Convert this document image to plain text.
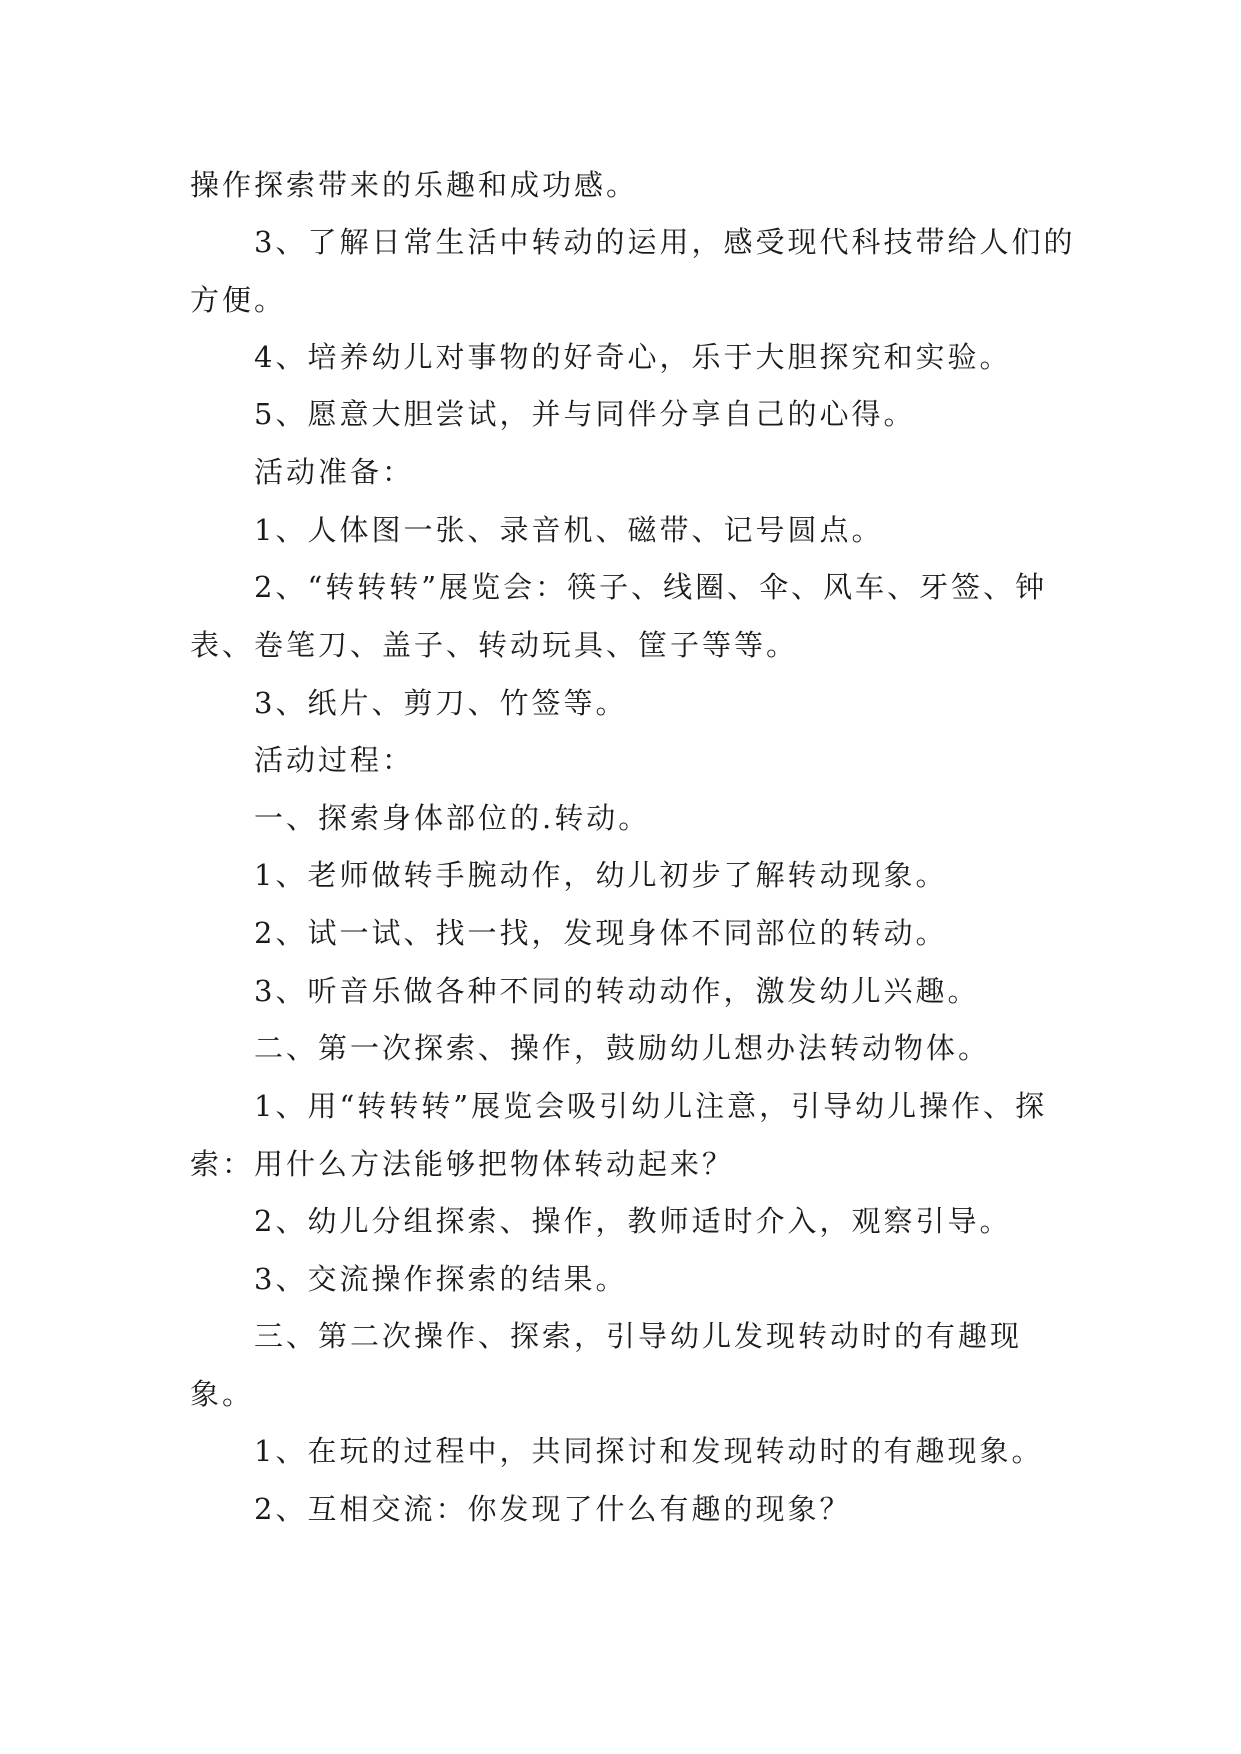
操作探索带来的乐趣和成功感。

3、了解日常生活中转动的运用，感受现代科技带给人们的方便。

4、培养幼儿对事物的好奇心，乐于大胆探究和实验。

5、愿意大胆尝试，并与同伴分享自己的心得。

活动准备：

1、人体图一张、录音机、磁带、记号圆点。

2、“转转转”展览会：筷子、线圈、伞、风车、牙签、钟表、卷笔刀、盖子、转动玩具、筐子等等。

3、纸片、剪刀、竹签等。

活动过程：

一、探索身体部位的.转动。

1、老师做转手腕动作，幼儿初步了解转动现象。

2、试一试、找一找，发现身体不同部位的转动。

3、听音乐做各种不同的转动动作，激发幼儿兴趣。

二、第一次探索、操作，鼓励幼儿想办法转动物体。

1、用“转转转”展览会吸引幼儿注意，引导幼儿操作、探索：用什么方法能够把物体转动起来？

2、幼儿分组探索、操作，教师适时介入，观察引导。

3、交流操作探索的结果。

三、第二次操作、探索，引导幼儿发现转动时的有趣现象。

1、在玩的过程中，共同探讨和发现转动时的有趣现象。

2、互相交流：你发现了什么有趣的现象？
